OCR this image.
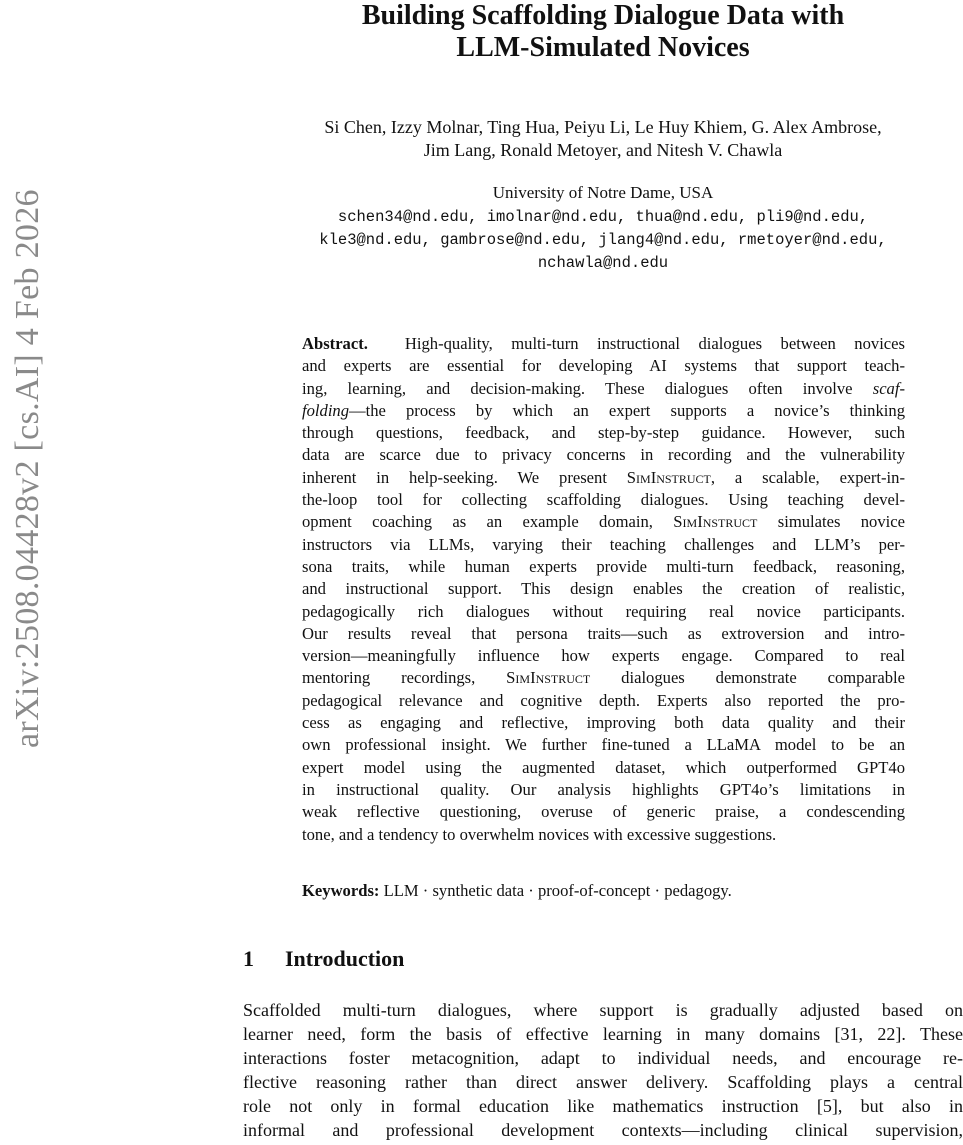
arXiv:2508.04428v2 [cs.AI] 4 Feb 2026
Building Scaffolding Dialogue Data with
LLM-Simulated Novices
Si Chen, Izzy Molnar, Ting Hua, Peiyu Li, Le Huy Khiem, G. Alex Ambrose,
Jim Lang, Ronald Metoyer, and Nitesh V. Chawla
University of Notre Dame, USA
schen34@nd.edu, imolnar@nd.edu, thua@nd.edu, pli9@nd.edu,
kle3@nd.edu, gambrose@nd.edu, jlang4@nd.edu, rmetoyer@nd.edu,
nchawla@nd.edu
Abstract. High-quality, multi-turn instructional dialogues between novices
and experts are essential for developing AI systems that support teach-
ing, learning, and decision-making. These dialogues often involve scaf-
folding—the process by which an expert supports a novice’s thinking
through questions, feedback, and step-by-step guidance. However, such
data are scarce due to privacy concerns in recording and the vulnerability
inherent in help-seeking. We present SimInstruct, a scalable, expert-in-
the-loop tool for collecting scaffolding dialogues. Using teaching devel-
opment coaching as an example domain, SimInstruct simulates novice
instructors via LLMs, varying their teaching challenges and LLM’s per-
sona traits, while human experts provide multi-turn feedback, reasoning,
and instructional support. This design enables the creation of realistic,
pedagogically rich dialogues without requiring real novice participants.
Our results reveal that persona traits—such as extroversion and intro-
version—meaningfully influence how experts engage. Compared to real
mentoring recordings, SimInstruct dialogues demonstrate comparable
pedagogical relevance and cognitive depth. Experts also reported the pro-
cess as engaging and reflective, improving both data quality and their
own professional insight. We further fine-tuned a LLaMA model to be an
expert model using the augmented dataset, which outperformed GPT4o
in instructional quality. Our analysis highlights GPT4o’s limitations in
weak reflective questioning, overuse of generic praise, a condescending
tone, and a tendency to overwhelm novices with excessive suggestions.
Keywords: LLM · synthetic data · proof-of-concept · pedagogy.
1 Introduction
Scaffolded multi-turn dialogues, where support is gradually adjusted based on
learner need, form the basis of effective learning in many domains [31, 22]. These
interactions foster metacognition, adapt to individual needs, and encourage re-
flective reasoning rather than direct answer delivery. Scaffolding plays a central
role not only in formal education like mathematics instruction [5], but also in
informal and professional development contexts—including clinical supervision,
